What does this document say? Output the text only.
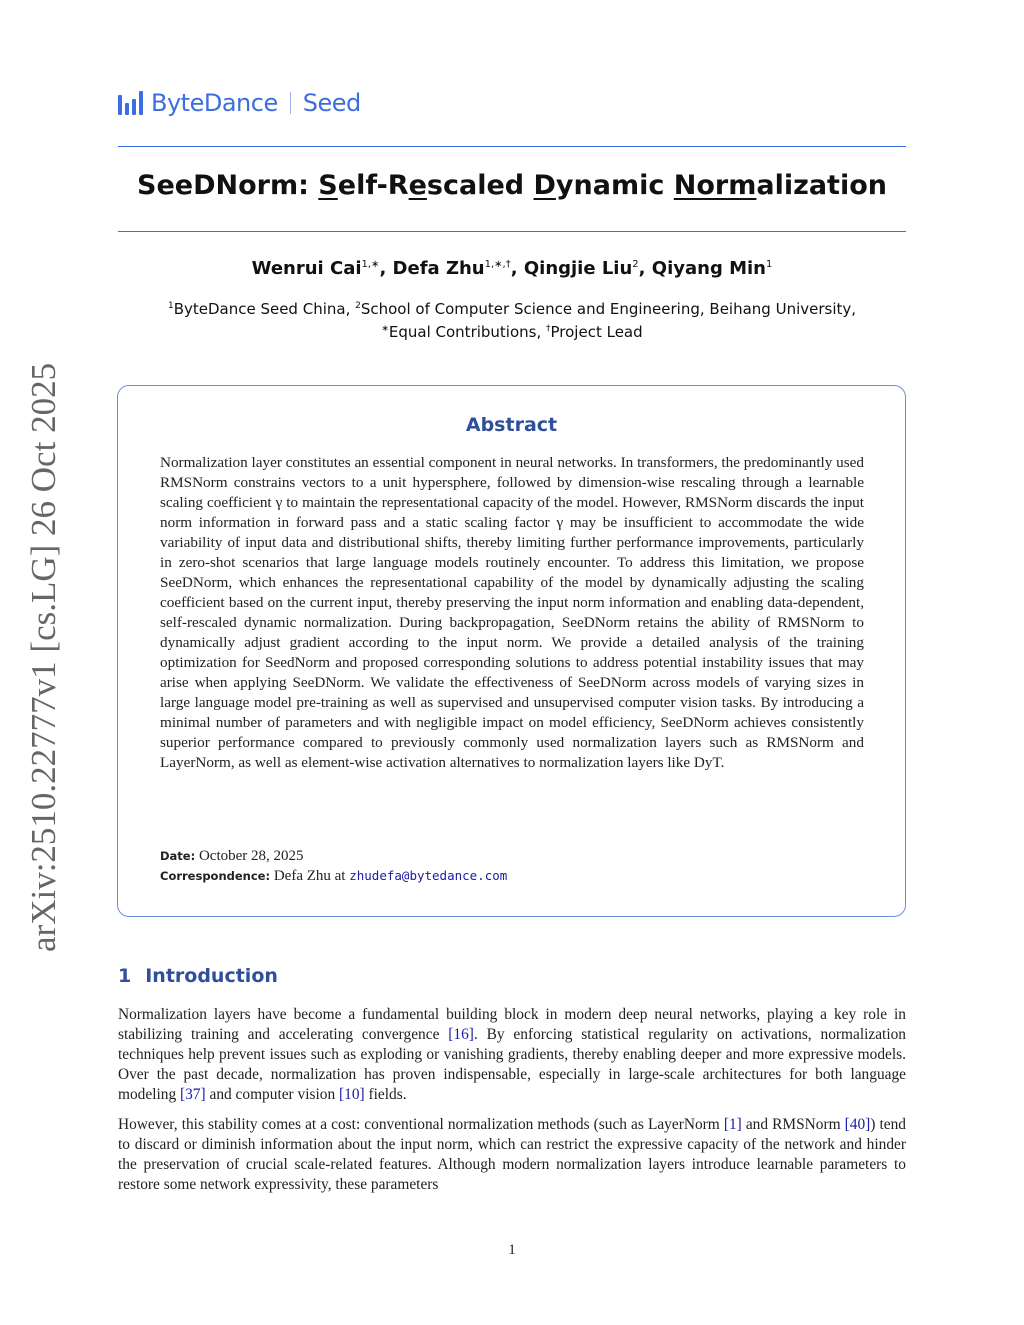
ByteDance Seed
SeeDNorm: Self-Rescaled Dynamic Normalization
Wenrui Cai$^{1,∗}$, Defa Zhu$^{1,∗,\dagger}$, Qingjie Liu$^2$, Qiyang Min$^1$
$^1$ByteDance Seed China, $^2$School of Computer Science and Engineering, Beihang University,
∗Equal Contributions, †Project Lead
arXiv:2510.22777v1 [cs.LG] 26 Oct 2025	Abstract

Normalization layer constitutes an essential component in neural networks. In transformers, the predominantly used RMSNorm constrains vectors to a unit hypersphere, followed by dimension-wise rescaling through a learnable scaling coefficient γ to maintain the representational capacity of the model. However, RMSNorm discards the input norm information in forward pass and a static scaling factor γ may be insufficient to accommodate the wide variability of input data and distributional shifts, thereby limiting further performance improvements, particularly in zero-shot scenarios that large language models routinely encounter. To address this limitation, we propose SeeDNorm, which enhances the representational capability of the model by dynamically adjusting the scaling coefficient based on the current input, thereby preserving the input norm information and enabling data-dependent, self-rescaled dynamic normalization. During backpropagation, SeeDNorm retains the ability of RMSNorm to dynamically adjust gradient according to the input norm. We provide a detailed analysis of the training optimization for SeedNorm and proposed corresponding solutions to address potential instability issues that may arise when applying SeeDNorm. We validate the effectiveness of SeeDNorm across models of varying sizes in large language model pre-training as well as supervised and unsupervised computer vision tasks. By introducing a minimal number of parameters and with negligible impact on model efficiency, SeeDNorm achieves consistently superior performance compared to previously commonly used normalization layers such as RMSNorm and LayerNorm, as well as element-wise activation alternatives to normalization layers like DyT.

Date: October 28, 2025
Correspondence: Defa Zhu at zhudefa@bytedance.com
1 Introduction

Normalization layers have become a fundamental building block in modern deep neural networks, playing a key role in stabilizing training and accelerating convergence [16]. By enforcing statistical regularity on activations, normalization techniques help prevent issues such as exploding or vanishing gradients, thereby enabling deeper and more expressive models. Over the past decade, normalization has proven indispensable, especially in large-scale architectures for both language modeling [37] and computer vision [10] fields.

However, this stability comes at a cost: conventional normalization methods (such as LayerNorm [1] and RMSNorm [40]) tend to discard or diminish information about the input norm, which can restrict the expressive capacity of the network and hinder the preservation of crucial scale-related features. Although modern normalization layers introduce learnable parameters to restore some network expressivity, these parameters

1
